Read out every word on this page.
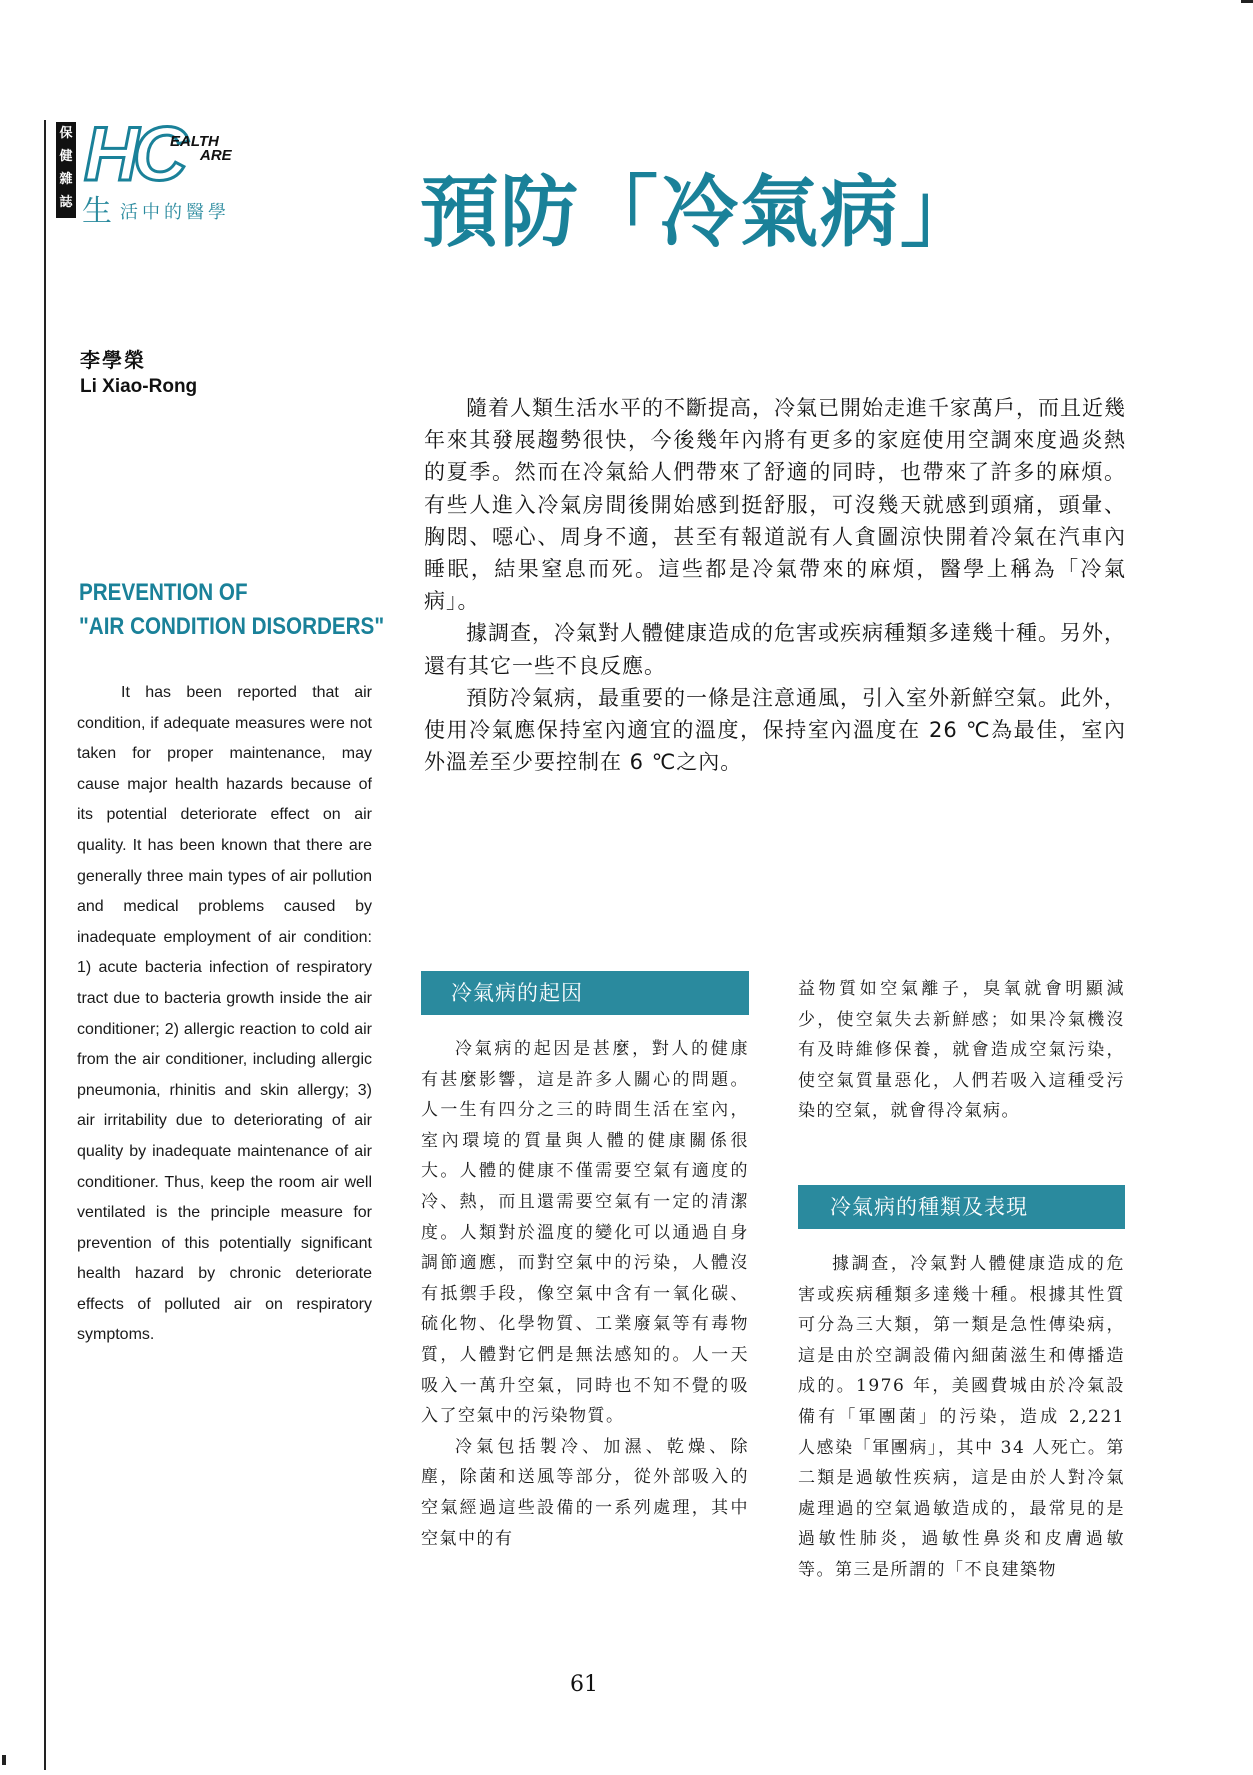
保
健
雜
誌
HC
EALTH
ARE
生活中的醫學 預防「冷氣病」
李學榮
Li Xiao-Rong
PREVENTION OF
"AIR CONDITION DISORDERS"

It has been reported that air condition, if adequate measures were not taken for proper maintenance, may cause major health hazards because of its potential deteriorate effect on air quality. It has been known that there are generally three main types of air pollution and medical problems caused by inadequate employment of air condition: 1) acute bacteria infection of respiratory tract due to bacteria growth inside the air conditioner; 2) allergic reaction to cold air from the air conditioner, including allergic pneumonia, rhinitis and skin allergy; 3) air irritability due to deteriorating of air quality by inadequate maintenance of air conditioner. Thus, keep the room air well ventilated is the principle measure for prevention of this potentially significant health hazard by chronic deteriorate effects of polluted air on respiratory symptoms.

隨着人類生活水平的不斷提高，冷氣已開始走進千家萬戶，而且近幾年來其發展趨勢很快，今後幾年內將有更多的家庭使用空調來度過炎熱的夏季。然而在冷氣給人們帶來了舒適的同時，也帶來了許多的麻煩。有些人進入冷氣房間後開始感到挺舒服，可沒幾天就感到頭痛，頭暈、胸悶、噁心、周身不適，甚至有報道説有人貪圖涼快開着冷氣在汽車內睡眠，結果窒息而死。這些都是冷氣帶來的麻煩，醫學上稱為「冷氣病」。

據調查，冷氣對人體健康造成的危害或疾病種類多達幾十種。另外，還有其它一些不良反應。

預防冷氣病，最重要的一條是注意通風，引入室外新鮮空氣。此外，使用冷氣應保持室內適宜的溫度，保持室內溫度在 26 ℃為最佳，室內外溫差至少要控制在 6 ℃之內。

冷氣病的起因

冷氣病的起因是甚麼，對人的健康有甚麼影響，這是許多人關心的問題。人一生有四分之三的時間生活在室內，室內環境的質量與人體的健康關係很大。人體的健康不僅需要空氣有適度的冷、熱，而且還需要空氣有一定的清潔度。人類對於溫度的變化可以通過自身調節適應，而對空氣中的污染，人體沒有抵禦手段，像空氣中含有一氧化碳、硫化物、化學物質、工業廢氣等有毒物質，人體對它們是無法感知的。人一天吸入一萬升空氣，同時也不知不覺的吸入了空氣中的污染物質。

冷氣包括製冷、加濕、乾燥、除塵，除菌和送風等部分，從外部吸入的空氣經過這些設備的一系列處理，其中空氣中的有

益物質如空氣離子，臭氧就會明顯減少，使空氣失去新鮮感；如果冷氣機沒有及時維修保養，就會造成空氣污染，使空氣質量惡化，人們若吸入這種受污染的空氣，就會得冷氣病。

冷氣病的種類及表現

據調查，冷氣對人體健康造成的危害或疾病種類多達幾十種。根據其性質可分為三大類，第一類是急性傳染病，這是由於空調設備內細菌滋生和傳播造成的。1976 年，美國費城由於冷氣設備有「軍團菌」的污染，造成 2,221 人感染「軍團病」，其中 34 人死亡。第二類是過敏性疾病，這是由於人對冷氣處理過的空氣過敏造成的，最常見的是過敏性肺炎，過敏性鼻炎和皮膚過敏等。第三是所謂的「不良建築物

61
